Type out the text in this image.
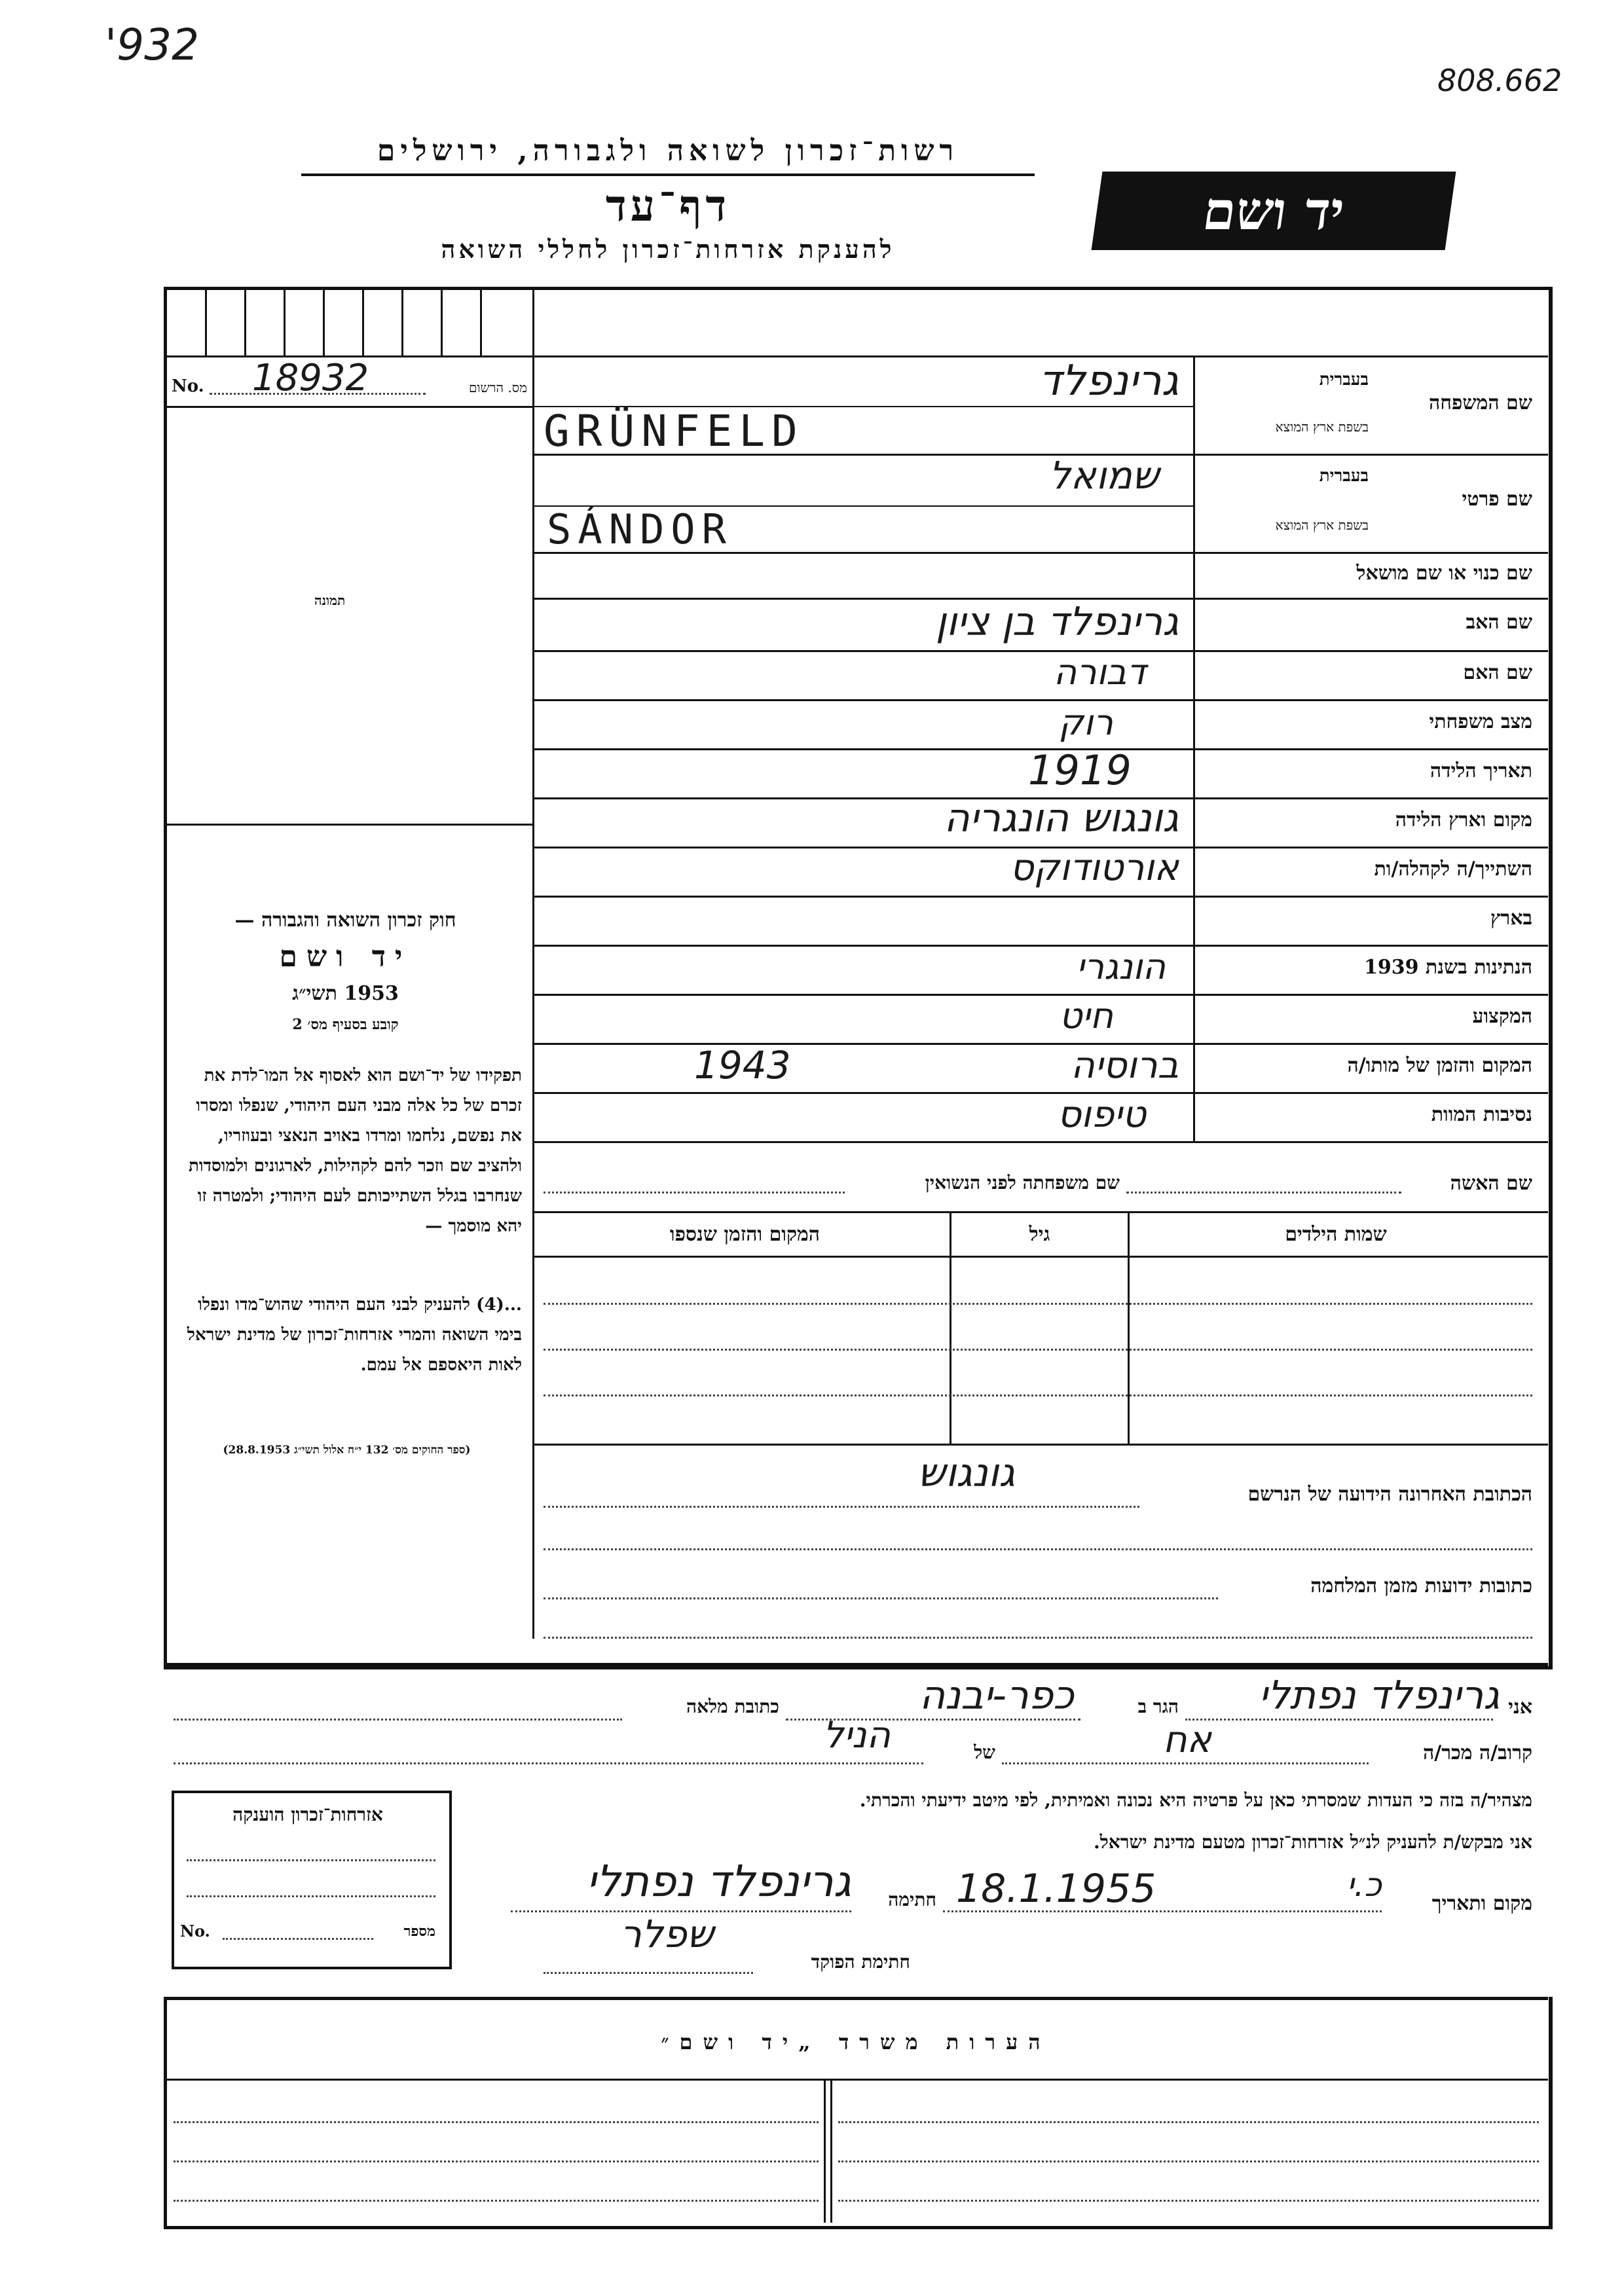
'932
808.662
רשות־זכרון לשואה ולגבורה, ירושלים
דף־עד
להענקת אזרחות־זכרון לחללי השואה
יד ושם
No. 18932	מס. הרשום
תמונה
חוק זכרון השואה והגבורה —
יד ושם
1953 תשי״ג
קובע בסעיף מס׳ 2
תפקידו של יד־ושם הוא לאסוף אל המו־לדת את זכרם של כל אלה מבני העם היהודי, שנפלו ומסרו את נפשם, נלחמו ומרדו באויב הנאצי ובעוזריו, ולהציב שם וזכר להם לקהילות, לארגונים ולמוסדות שנחרבו בגלל השתייכותם לעם היהודי; ולמטרה זו יהא מוסמך —
...(4) להעניק לבני העם היהודי שהוש־מדו ונפלו בימי השואה והמרי אזרחות־זכרון של מדינת ישראל לאות היאספם אל עמם.
(ספר החוקים מס׳ 132 י״ח אלול תשי״ג 28.8.1953)
בעברית
שם המשפחה
בשפת ארץ המוצא
גרינפלד
GRÜNFELD
בעברית
שם פרטי
בשפת ארץ המוצא
שמואל
SÁNDOR
שם כנוי או שם מושאל
שם האב
גרינפלד בן ציון
שם האם
דבורה
מצב משפחתי
רוק
תאריך הלידה
1919
מקום וארץ הלידה
גונגוש הונגריה
השתייך/ה לקהלה/ות
אורטודוקס
בארץ
הנתינות בשנת 1939
הונגרי
המקצוע
חיט
המקום והזמן של מותו/ה
ברוסיה
1943
נסיבות המוות
טיפוס
שם האשה
שם משפחתה לפני הנשואין
שמות הילדים
גיל
המקום והזמן שנספו
הכתובת האחרונה הידועה של הנרשם
גונגוש
כתובות ידועות מזמן המלחמה
אני
גרינפלד נפתלי
הגר ב
כפר-יבנה
כתובת מלאה
קרוב/ה מכר/ה
אח
של
הניל
מצהיר/ה בזה כי העדות שמסרתי כאן על פרטיה היא נכונה ואמיתית, לפי מיטב ידיעתי והכרתי.
אני מבקש/ת להעניק לנ״ל אזרחות־זכרון מטעם מדינת ישראל.
מקום ותאריך
כ.י
18.1.1955
חתימה
גרינפלד נפתלי
חתימת הפוקד
שפלר
אזרחות־זכרון הוענקה
No.	מספר
הערות משרד „יד ושם״
